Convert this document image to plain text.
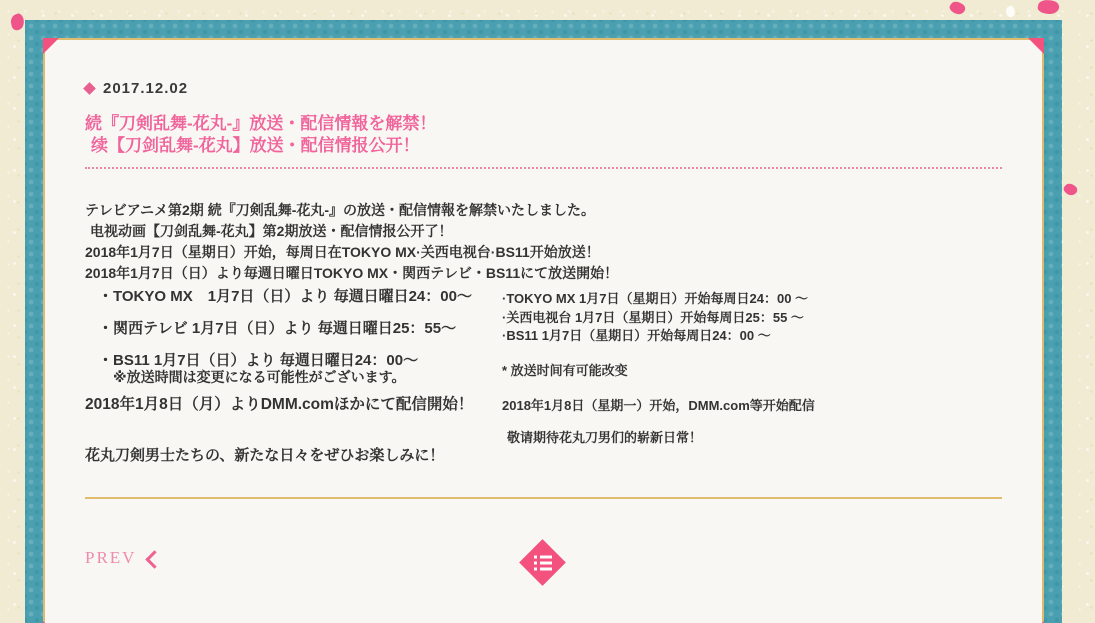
2017.12.02
続『刀剣乱舞-花丸-』放送・配信情報を解禁！
续【刀剑乱舞-花丸】放送・配信情报公开！
テレビアニメ第2期 続『刀剣乱舞-花丸-』の放送・配信情報を解禁いたしました。
电视动画【刀剑乱舞-花丸】第2期放送・配信情报公开了！
2018年1月7日（星期日）开始，每周日在TOKYO MX·关西电视台·BS11开始放送！
2018年1月7日（日）より毎週日曜日TOKYO MX・関西テレビ・BS11にて放送開始！
・TOKYO MX　1月7日（日）より 毎週日曜日24：00～
・関西テレビ 1月7日（日）より 毎週日曜日25：55～
・BS11 1月7日（日）より 毎週日曜日24：00～
※放送時間は変更になる可能性がございます。
2018年1月8日（月）よりDMM.comほかにて配信開始！
·TOKYO MX 1月7日（星期日）开始每周日24：00 ～
·关西电视台 1月7日（星期日）开始每周日25：55 ～
·BS11 1月7日（星期日）开始每周日24：00 ～
* 放送时间有可能改变
2018年1月8日（星期一）开始，DMM.com等开始配信
敬请期待花丸刀男们的崭新日常！
花丸刀剣男士たちの、新たな日々をぜひお楽しみに！
PREV
